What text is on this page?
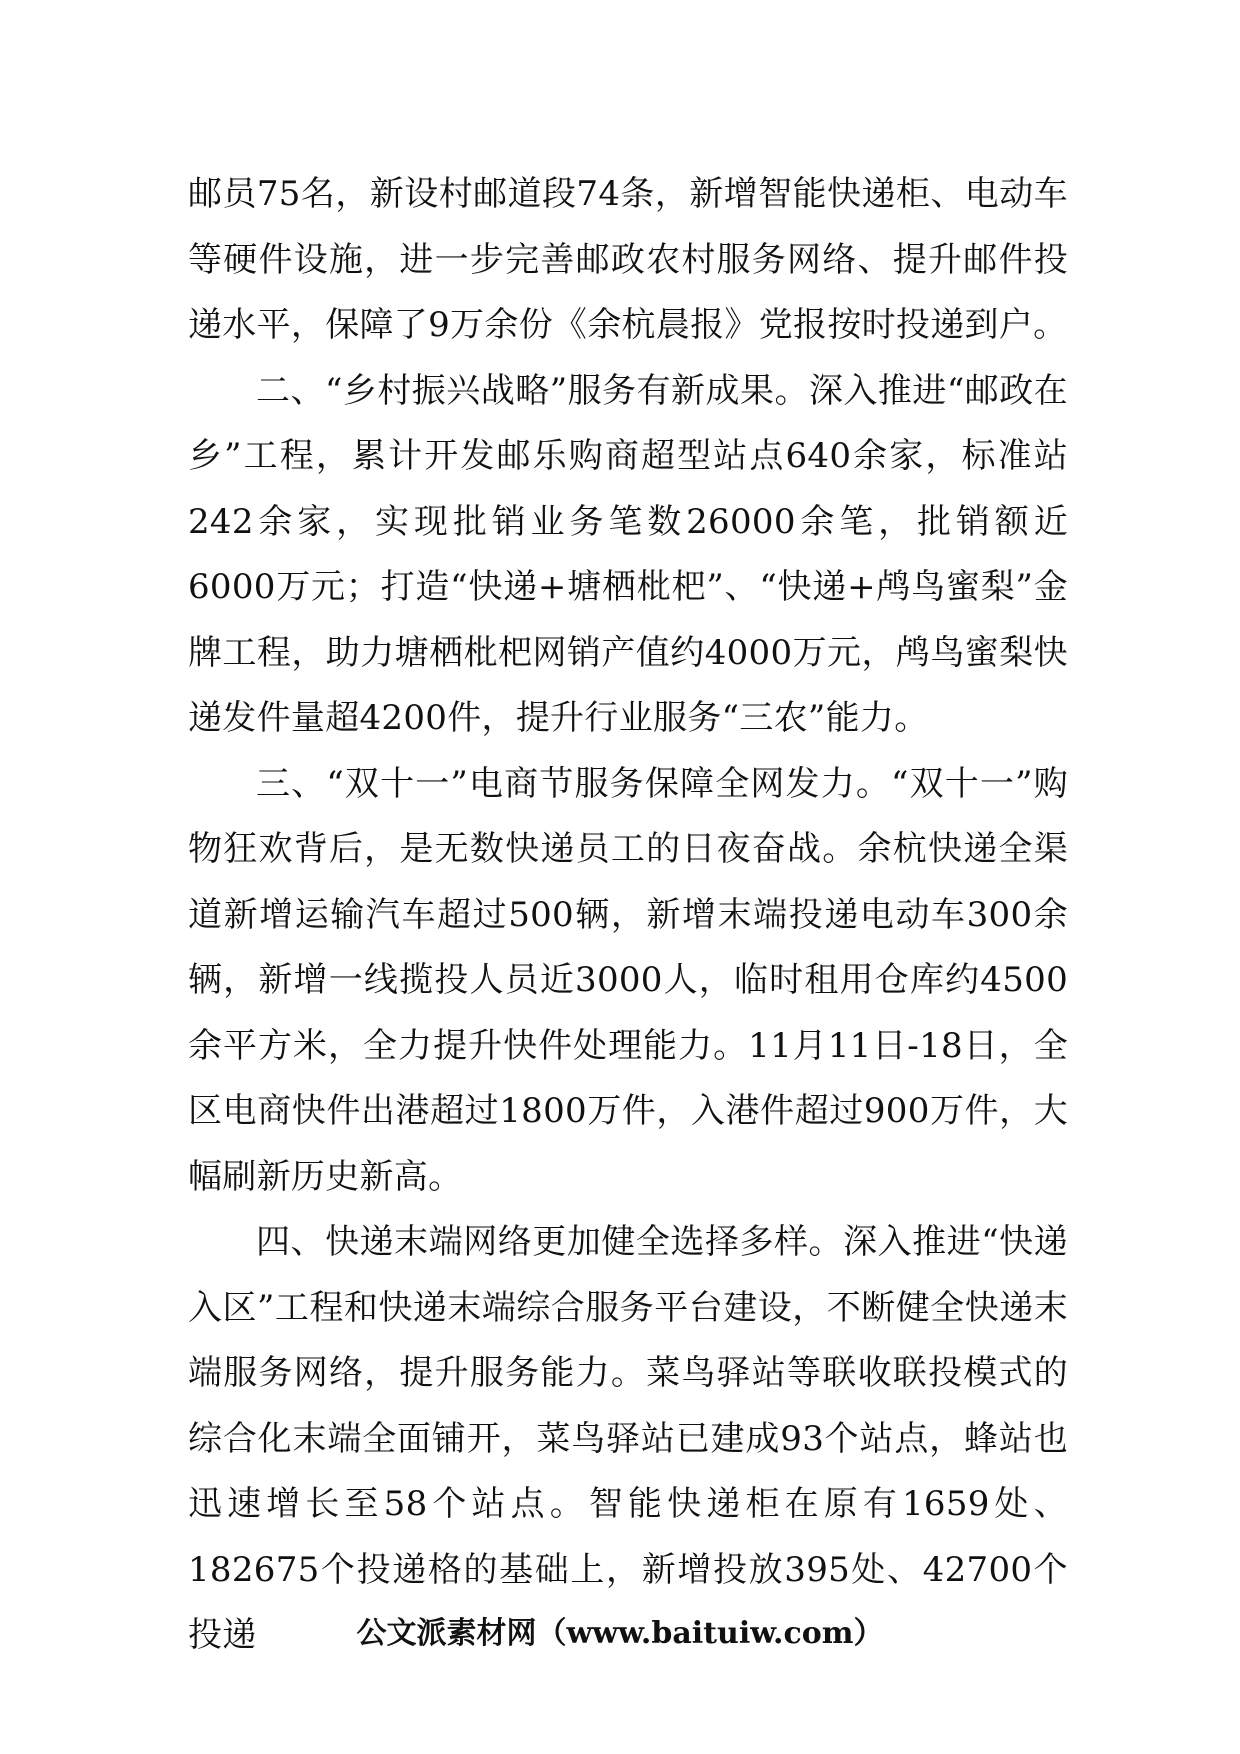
邮员75名，新设村邮道段74条，新增智能快递柜、电动车等硬件设施，进一步完善邮政农村服务网络、提升邮件投递水平，保障了9万余份《余杭晨报》党报按时投递到户。

二、“乡村振兴战略”服务有新成果。深入推进“邮政在乡”工程，累计开发邮乐购商超型站点640余家，标准站242余家，实现批销业务笔数26000余笔，批销额近6000万元；打造“快递+塘栖枇杷”、“快递+鸬鸟蜜梨”金牌工程，助力塘栖枇杷网销产值约4000万元，鸬鸟蜜梨快递发件量超4200件，提升行业服务“三农”能力。

三、“双十一”电商节服务保障全网发力。“双十一”购物狂欢背后，是无数快递员工的日夜奋战。余杭快递全渠道新增运输汽车超过500辆，新增末端投递电动车300余辆，新增一线揽投人员近3000人，临时租用仓库约4500余平方米，全力提升快件处理能力。11月11日-18日，全区电商快件出港超过1800万件，入港件超过900万件，大幅刷新历史新高。

四、快递末端网络更加健全选择多样。深入推进“快递入区”工程和快递末端综合服务平台建设，不断健全快递末端服务网络，提升服务能力。菜鸟驿站等联收联投模式的综合化末端全面铺开，菜鸟驿站已建成93个站点，蜂站也迅速增长至58个站点。智能快递柜在原有1659处、182675个投递格的基础上，新增投放395处、42700个投递	公文派素材网（www.baituiw.com）
